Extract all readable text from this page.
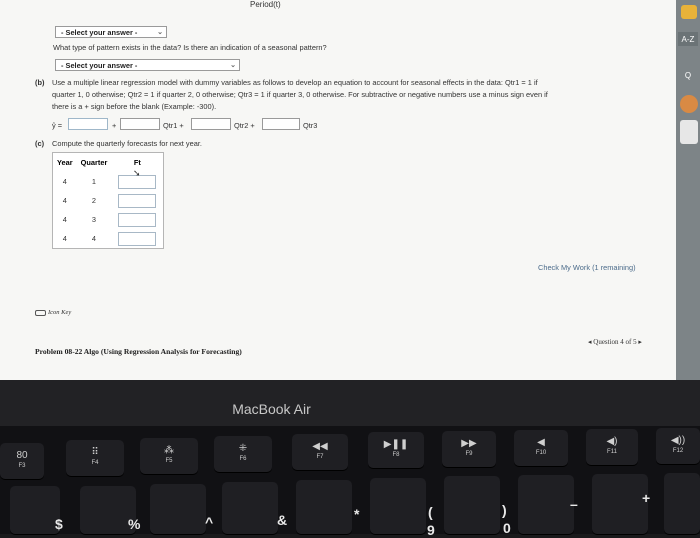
Period(t)
- Select your answer -	⌄
What type of pattern exists in the data? Is there an indication of a seasonal pattern?
- Select your answer -	⌄
(b) Use a multiple linear regression model with dummy variables as follows to develop an equation to account for seasonal effects in the data: Qtr1 = 1 if
quarter 1, 0 otherwise; Qtr2 = 1 if quarter 2, 0 otherwise; Qtr3 = 1 if quarter 3, 0 otherwise. For subtractive or negative numbers use a minus sign even if
there is a + sign before the blank (Example: -300).
ŷ =	+	Qtr1 +	Qtr2 +	Qtr3
(c) Compute the quarterly forecasts for next year.
Year	Quarter	Ft
4	1	

4	2	

4	3	

4	4	
➘
Check My Work (1 remaining)
Icon Key
◂ Question 4 of 5 ▸
Problem 08-22 Algo (Using Regression Analysis for Forecasting)
A-Z
Q
MacBook Air
80
F3
⠿
F4
⁂
F5
⁜
F6
◀◀
F7
▶❚❚
F8
▶▶
F9
◀
F10
◀)
F11
◀))
F12
$	%	^	&	*	(
9
)
0
–	+
